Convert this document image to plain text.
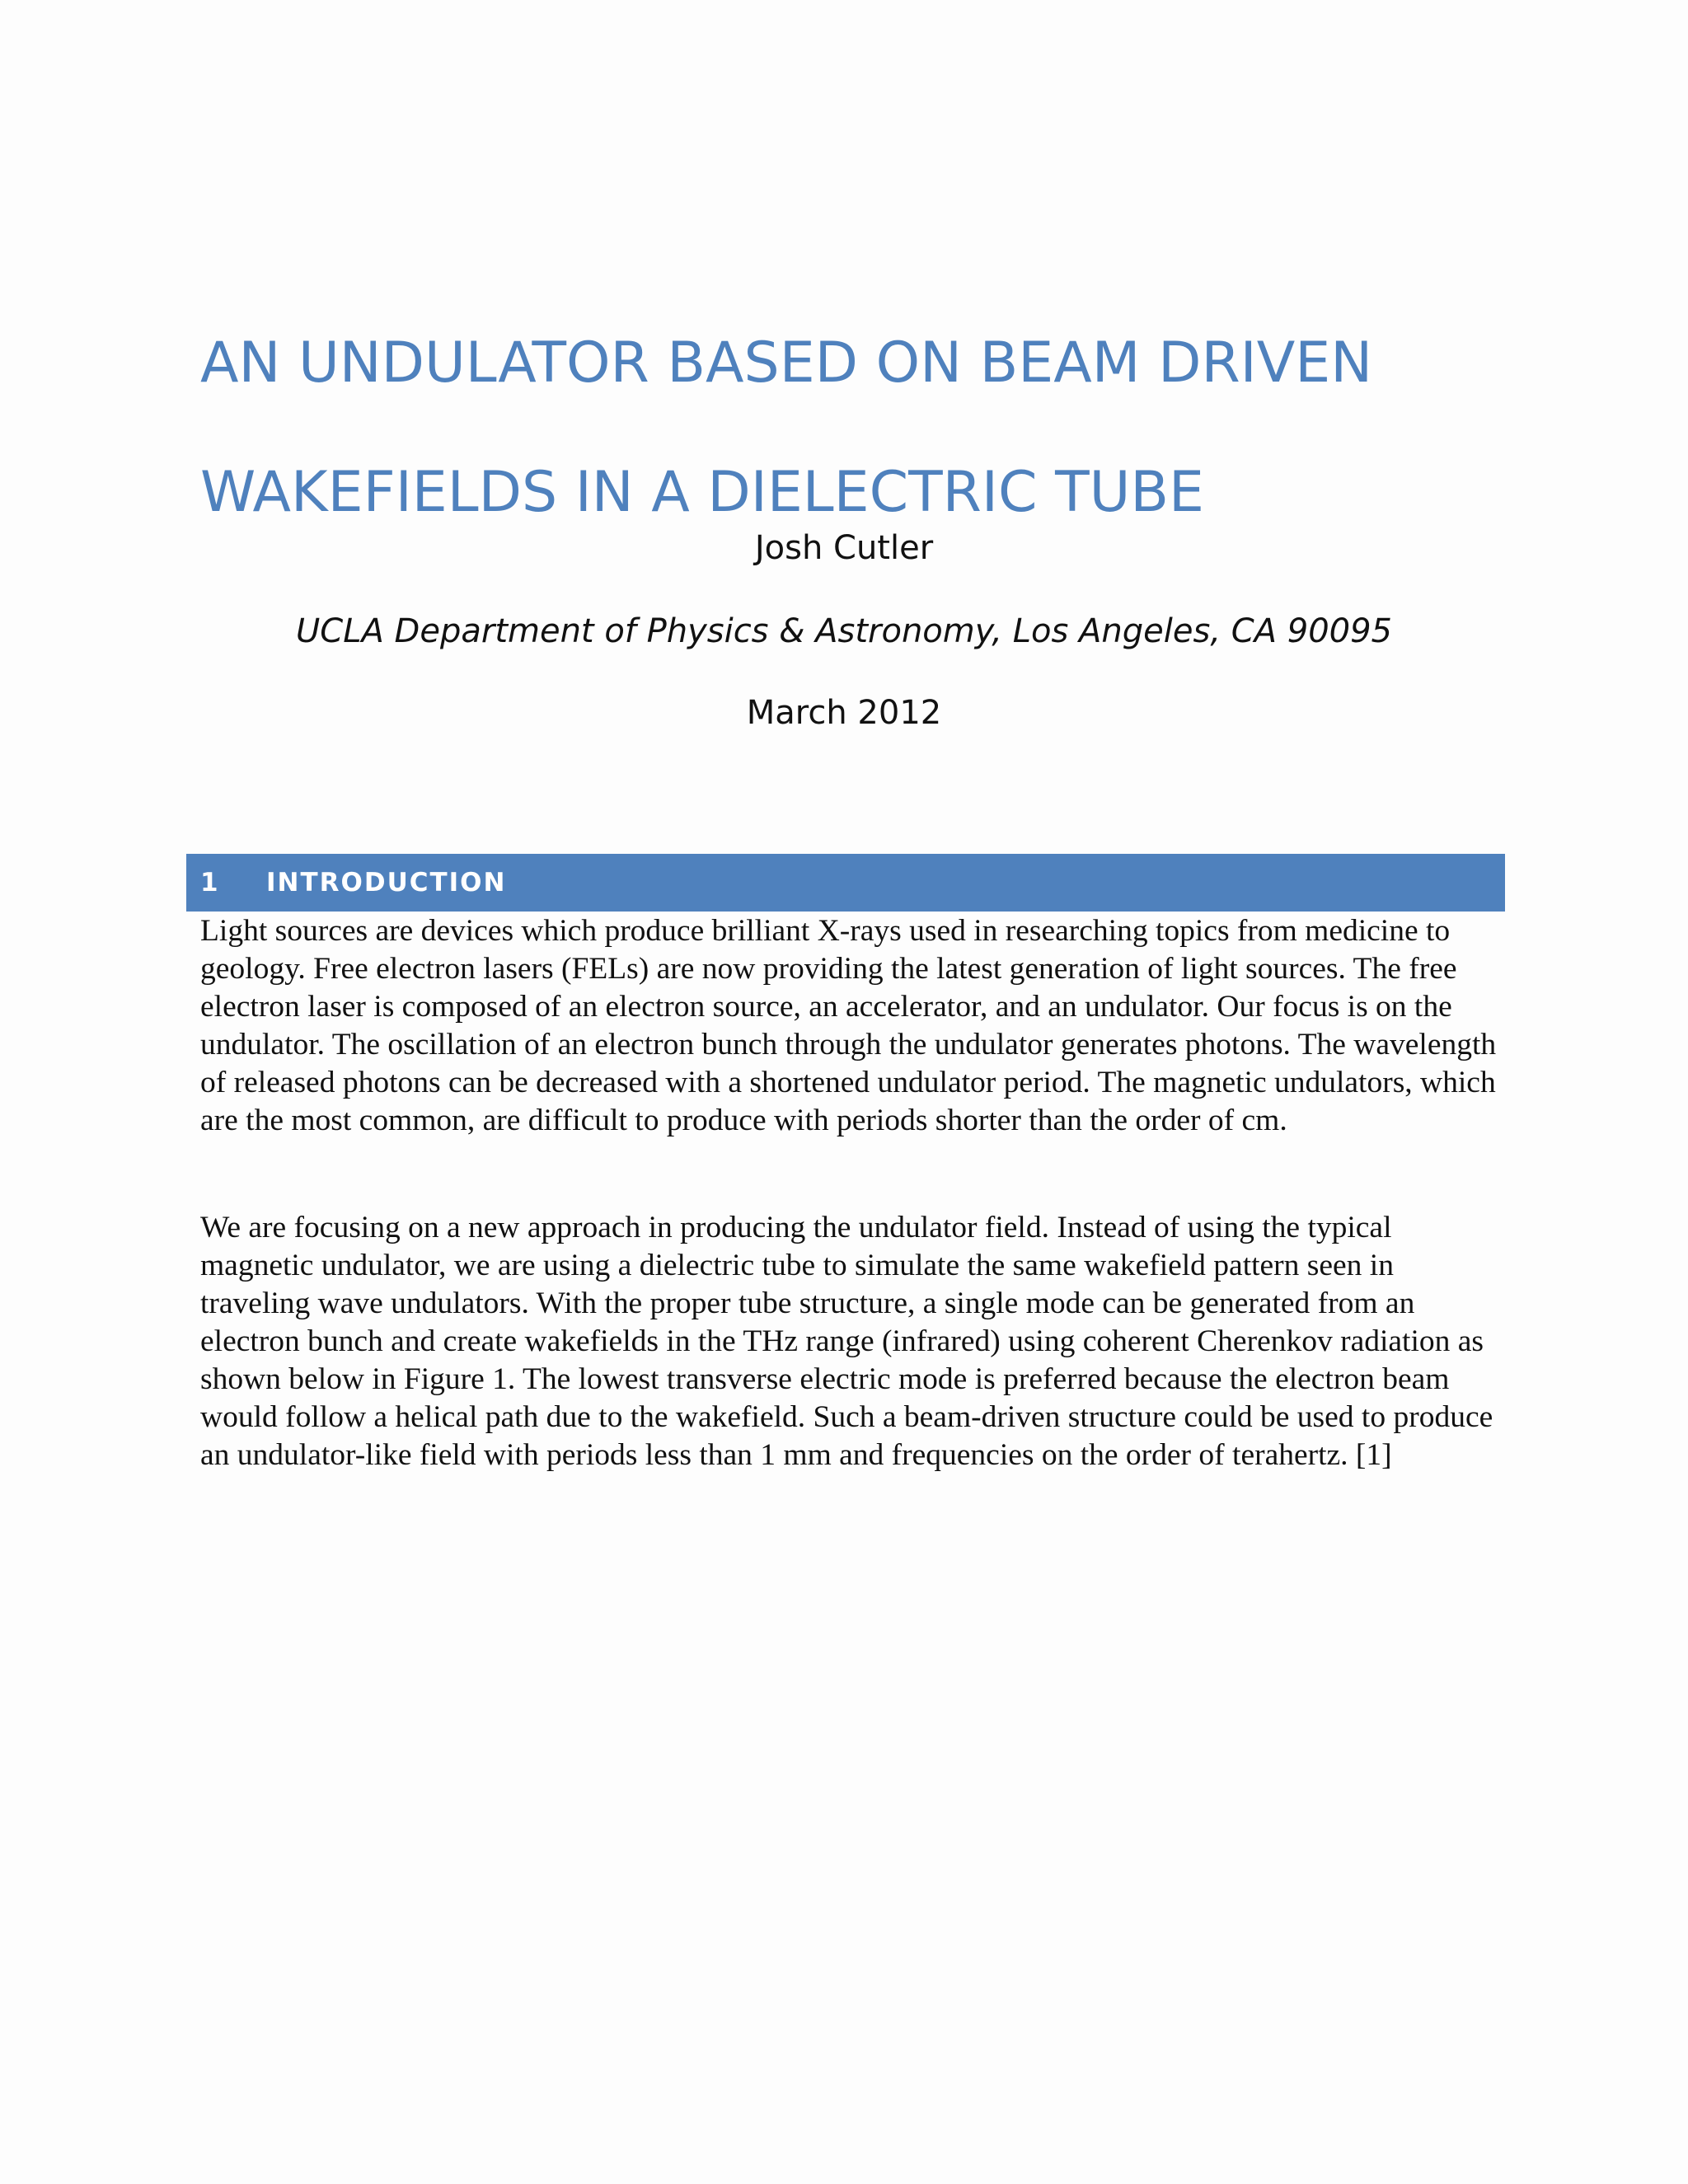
AN UNDULATOR BASED ON BEAM DRIVEN WAKEFIELDS IN A DIELECTRIC TUBE

Josh Cutler

UCLA Department of Physics & Astronomy, Los Angeles, CA 90095

March 2012

1	INTRODUCTION

Light sources are devices which produce brilliant X-rays used in researching topics from medicine to geology. Free electron lasers (FELs) are now providing the latest generation of light sources. The free electron laser is composed of an electron source, an accelerator, and an undulator. Our focus is on the undulator. The oscillation of an electron bunch through the undulator generates photons. The wavelength of released photons can be decreased with a shortened undulator period. The magnetic undulators, which are the most common, are difficult to produce with periods shorter than the order of cm.

We are focusing on a new approach in producing the undulator field. Instead of using the typical magnetic undulator, we are using a dielectric tube to simulate the same wakefield pattern seen in traveling wave undulators. With the proper tube structure, a single mode can be generated from an electron bunch and create wakefields in the THz range (infrared) using coherent Cherenkov radiation as shown below in Figure 1. The lowest transverse electric mode is preferred because the electron beam would follow a helical path due to the wakefield. Such a beam-driven structure could be used to produce an undulator-like field with periods less than 1 mm and frequencies on the order of terahertz. [1]
